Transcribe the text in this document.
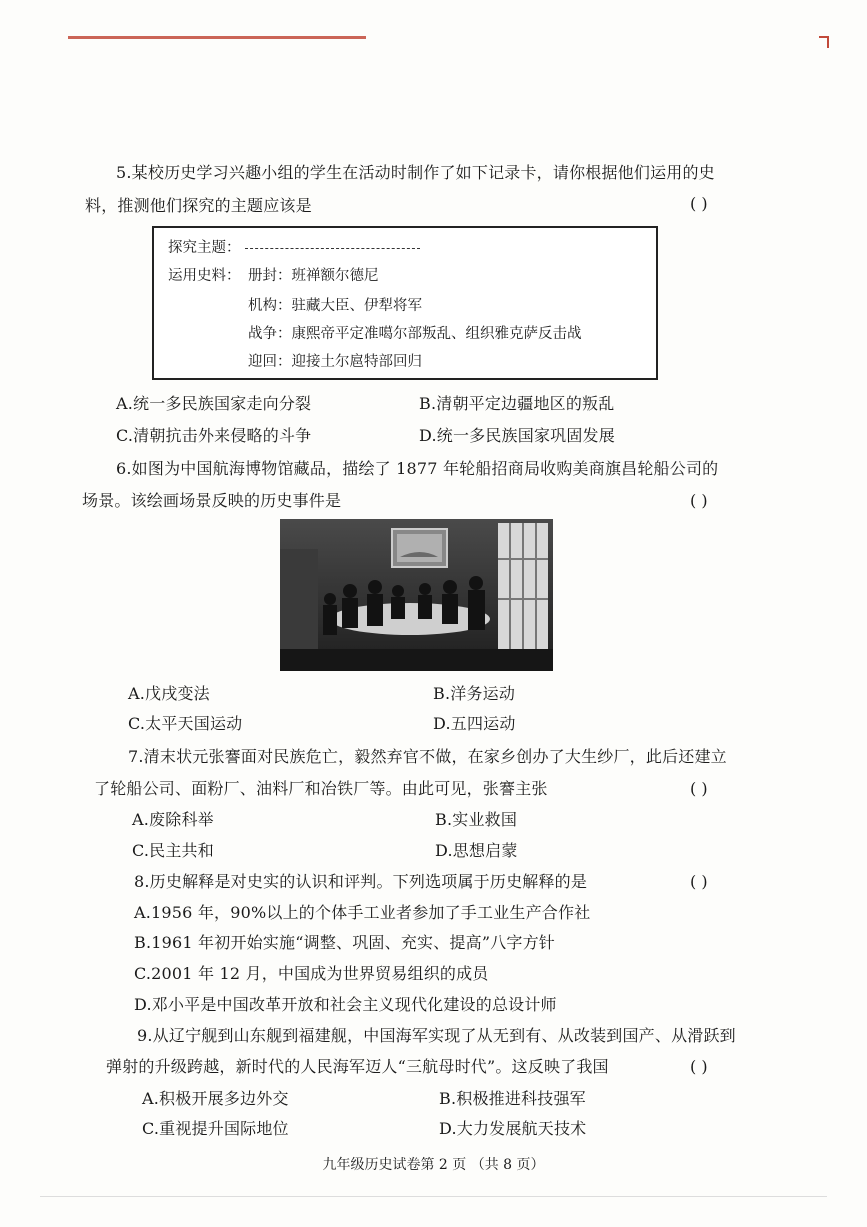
5.某校历史学习兴趣小组的学生在活动时制作了如下记录卡，请你根据他们运用的史
料，推测他们探究的主题应该是	( )
探究主题：
运用史料： 册封：班禅额尔德尼
机构：驻藏大臣、伊犁将军
战争：康熙帝平定准噶尔部叛乱、组织雅克萨反击战
迎回：迎接土尔扈特部回归
A.统一多民族国家走向分裂	B.清朝平定边疆地区的叛乱
C.清朝抗击外来侵略的斗争	D.统一多民族国家巩固发展
6.如图为中国航海博物馆藏品，描绘了 1877 年轮船招商局收购美商旗昌轮船公司的
场景。该绘画场景反映的历史事件是	( )
A.戊戌变法	B.洋务运动
C.太平天国运动	D.五四运动
7.清末状元张謇面对民族危亡，毅然弃官不做，在家乡创办了大生纱厂，此后还建立
了轮船公司、面粉厂、油料厂和冶铁厂等。由此可见，张謇主张	( )
A.废除科举	B.实业救国
C.民主共和	D.思想启蒙
8.历史解释是对史实的认识和评判。下列选项属于历史解释的是	( )
A.1956 年，90%以上的个体手工业者参加了手工业生产合作社
B.1961 年初开始实施“调整、巩固、充实、提高”八字方针
C.2001 年 12 月，中国成为世界贸易组织的成员
D.邓小平是中国改革开放和社会主义现代化建设的总设计师
9.从辽宁舰到山东舰到福建舰，中国海军实现了从无到有、从改装到国产、从滑跃到
弹射的升级跨越，新时代的人民海军迈人“三航母时代”。这反映了我国	( )
A.积极开展多边外交	B.积极推进科技强军
C.重视提升国际地位	D.大力发展航天技术
九年级历史试卷第 2 页 （共 8 页）
